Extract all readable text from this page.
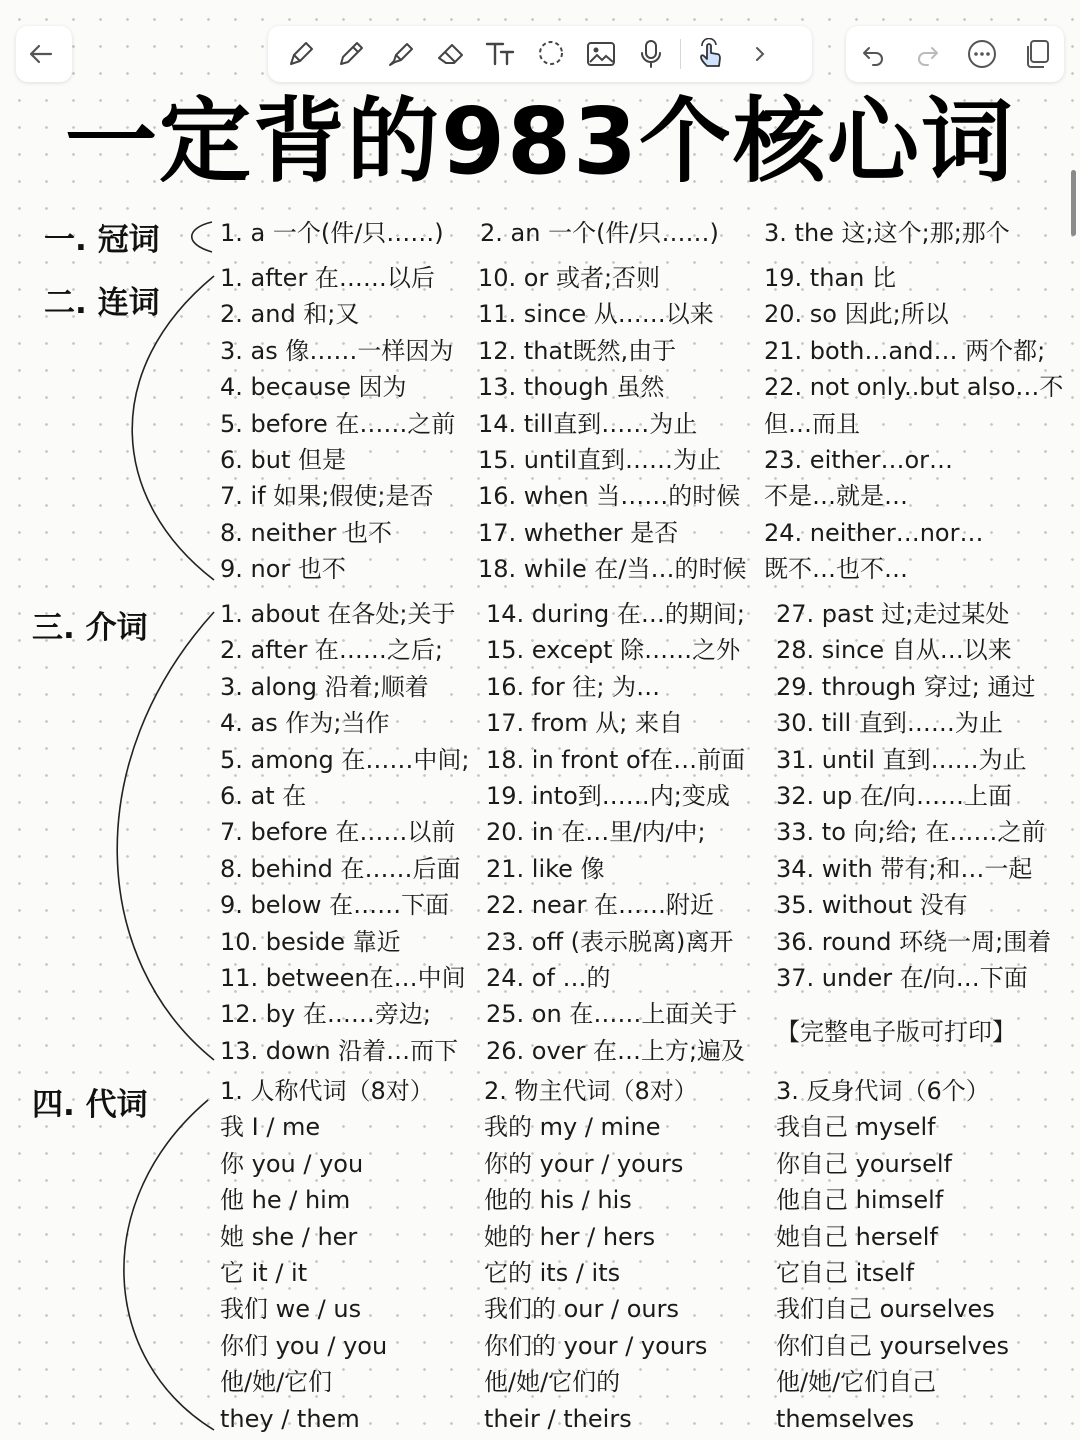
一定背的983个核心词
一. 冠词
二. 连词
三. 介词
四. 代词
1. a 一个(件/只……) 2. an 一个(件/只……) 3. the 这;这个;那;那个
1. after 在……以后
2. and 和;又
3. as 像……一样因为
4. because 因为
5. before 在……之前
6. but 但是
7. if 如果;假使;是否
8. neither 也不
9. nor 也不
10. or 或者;否则
11. since 从……以来
12. that既然,由于
13. though 虽然
14. till直到……为止
15. until直到……为止
16. when 当……的时候
17. whether 是否
18. while 在/当…的时候
19. than 比
20. so 因此;所以
21. both…and… 两个都;
22. not only..but also…不
但…而且
23. either…or…
不是…就是…
24. neither…nor…
既不…也不…
1. about 在各处;关于
2. after 在……之后;
3. along 沿着;顺着
4. as 作为;当作
5. among 在……中间;
6. at 在
7. before 在……以前
8. behind 在……后面
9. below 在……下面
10. beside 靠近
11. between在…中间
12. by 在……旁边;
13. down 沿着…而下
14. during 在…的期间;
15. except 除……之外
16. for 往; 为…
17. from 从; 来自
18. in front of在…前面
19. into到……内;变成
20. in 在…里/内/中;
21. like 像
22. near 在……附近
23. off (表示脱离)离开
24. of …的
25. on 在……上面关于
26. over 在…上方;遍及
27. past 过;走过某处
28. since 自从…以来
29. through 穿过; 通过
30. till 直到……为止
31. until 直到……为止
32. up 在/向……上面
33. to 向;给; 在……之前
34. with 带有;和…一起
35. without 没有
36. round 环绕一周;围着
37. under 在/向…下面
【完整电子版可打印】
1. 人称代词（8对）
我 I / me
你 you / you
他 he / him
她 she / her
它 it / it
我们 we / us
你们 you / you
他/她/它们
they / them
2. 物主代词（8对）
我的 my / mine
你的 your / yours
他的 his / his
她的 her / hers
它的 its / its
我们的 our / ours
你们的 your / yours
他/她/它们的
their / theirs
3. 反身代词（6个）
我自己 myself
你自己 yourself
他自己 himself
她自己 herself
它自己 itself
我们自己 ourselves
你们自己 yourselves
他/她/它们自己
themselves
